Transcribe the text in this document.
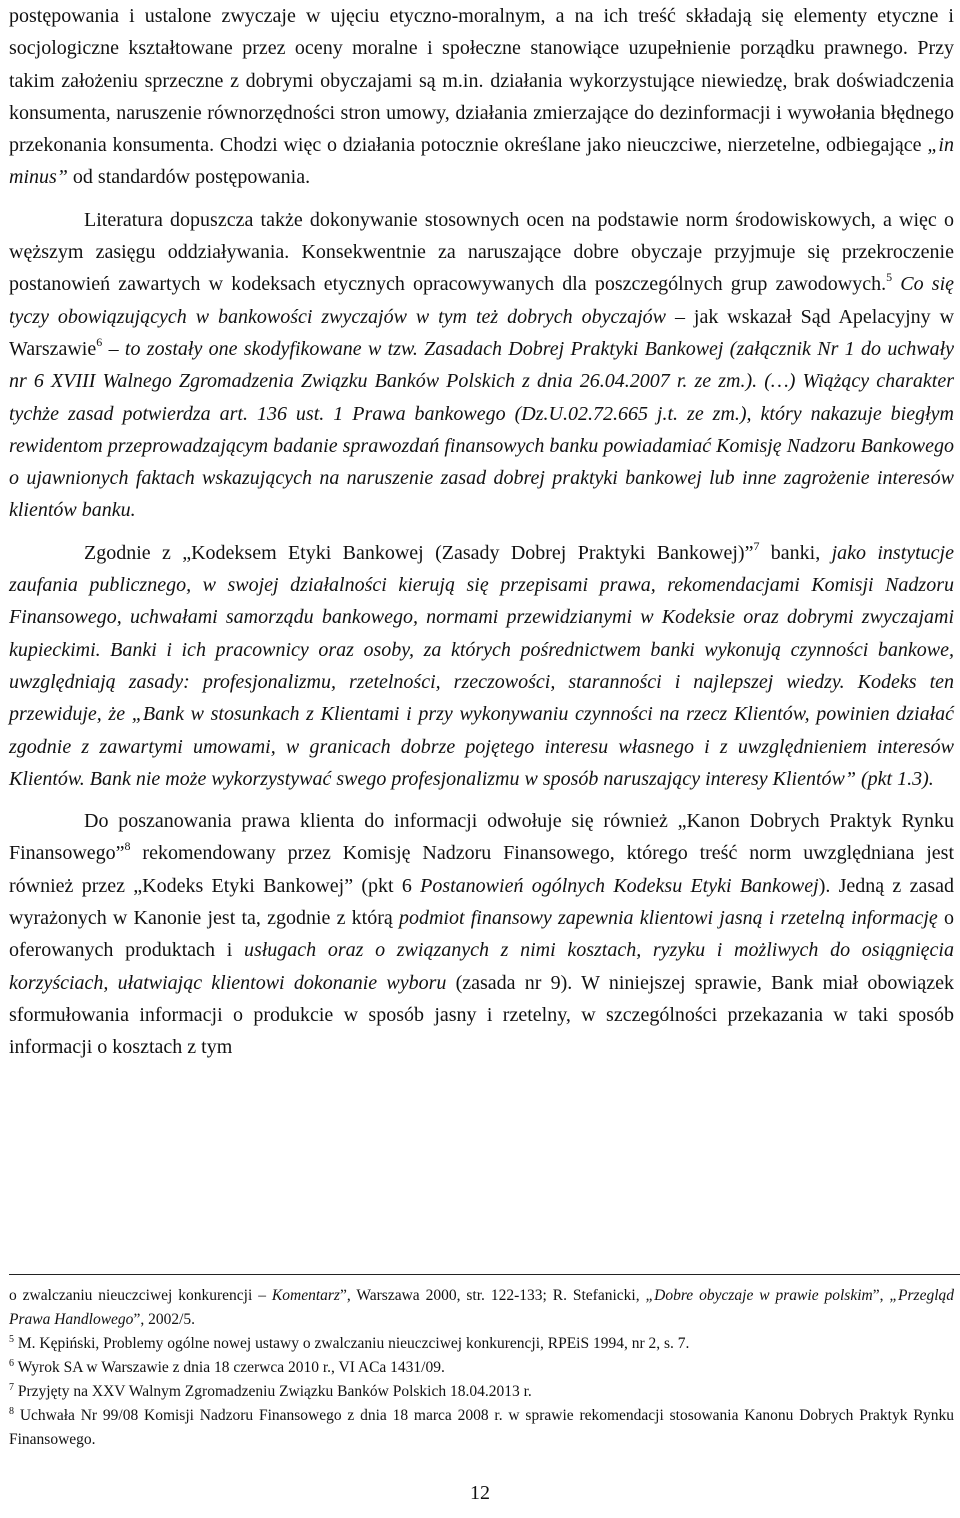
postępowania i ustalone zwyczaje w ujęciu etyczno-moralnym, a na ich treść składają się elementy etyczne i socjologiczne kształtowane przez oceny moralne i społeczne stanowiące uzupełnienie porządku prawnego. Przy takim założeniu sprzeczne z dobrymi obyczajami są m.in. działania wykorzystujące niewiedzę, brak doświadczenia konsumenta, naruszenie równorzędności stron umowy, działania zmierzające do dezinformacji i wywołania błędnego przekonania konsumenta. Chodzi więc o działania potocznie określane jako nieuczciwe, nierzetelne, odbiegające „in minus” od standardów postępowania.

Literatura dopuszcza także dokonywanie stosownych ocen na podstawie norm środowiskowych, a więc o węższym zasięgu oddziaływania. Konsekwentnie za naruszające dobre obyczaje przyjmuje się przekroczenie postanowień zawartych w kodeksach etycznych opracowywanych dla poszczególnych grup zawodowych.$^5$ Co się tyczy obowiązujących w bankowości zwyczajów w tym też dobrych obyczajów – jak wskazał Sąd Apelacyjny w Warszawie$^6$ – to zostały one skodyfikowane w tzw. Zasadach Dobrej Praktyki Bankowej (załącznik Nr 1 do uchwały nr 6 XVIII Walnego Zgromadzenia Związku Banków Polskich z dnia 26.04.2007 r. ze zm.). (…) Wiążący charakter tychże zasad potwierdza art. 136 ust. 1 Prawa bankowego (Dz.U.02.72.665 j.t. ze zm.), który nakazuje biegłym rewidentom przeprowadzającym badanie sprawozdań finansowych banku powiadamiać Komisję Nadzoru Bankowego o ujawnionych faktach wskazujących na naruszenie zasad dobrej praktyki bankowej lub inne zagrożenie interesów klientów banku.

Zgodnie z „Kodeksem Etyki Bankowej (Zasady Dobrej Praktyki Bankowej)”$^7$ banki, jako instytucje zaufania publicznego, w swojej działalności kierują się przepisami prawa, rekomendacjami Komisji Nadzoru Finansowego, uchwałami samorządu bankowego, normami przewidzianymi w Kodeksie oraz dobrymi zwyczajami kupieckimi. Banki i ich pracownicy oraz osoby, za których pośrednictwem banki wykonują czynności bankowe, uwzględniają zasady: profesjonalizmu, rzetelności, rzeczowości, staranności i najlepszej wiedzy. Kodeks ten przewiduje, że „Bank w stosunkach z Klientami i przy wykonywaniu czynności na rzecz Klientów, powinien działać zgodnie z zawartymi umowami, w granicach dobrze pojętego interesu własnego i z uwzględnieniem interesów Klientów. Bank nie może wykorzystywać swego profesjonalizmu w sposób naruszający interesy Klientów” (pkt 1.3).

Do poszanowania prawa klienta do informacji odwołuje się również „Kanon Dobrych Praktyk Rynku Finansowego”$^8$ rekomendowany przez Komisję Nadzoru Finansowego, którego treść norm uwzględniana jest również przez „Kodeks Etyki Bankowej” (pkt 6 Postanowień ogólnych Kodeksu Etyki Bankowej). Jedną z zasad wyrażonych w Kanonie jest ta, zgodnie z którą podmiot finansowy zapewnia klientowi jasną i rzetelną informację o oferowanych produktach i usługach oraz o związanych z nimi kosztach, ryzyku i możliwych do osiągnięcia korzyściach, ułatwiając klientowi dokonanie wyboru (zasada nr 9). W niniejszej sprawie, Bank miał obowiązek sformułowania informacji o produkcie w sposób jasny i rzetelny, w szczególności przekazania w taki sposób informacji o kosztach z tym

o zwalczaniu nieuczciwej konkurencji – Komentarz”, Warszawa 2000, str. 122-133; R. Stefanicki, „Dobre obyczaje w prawie polskim”, „Przegląd Prawa Handlowego”, 2002/5.

$^5$ M. Kępiński, Problemy ogólne nowej ustawy o zwalczaniu nieuczciwej konkurencji, RPEiS 1994, nr 2, s. 7.

$^6$ Wyrok SA w Warszawie z dnia 18 czerwca 2010 r., VI ACa 1431/09.

$^7$ Przyjęty na XXV Walnym Zgromadzeniu Związku Banków Polskich 18.04.2013 r.

$^8$ Uchwała Nr 99/08 Komisji Nadzoru Finansowego z dnia 18 marca 2008 r. w sprawie rekomendacji stosowania Kanonu Dobrych Praktyk Rynku Finansowego.

12
